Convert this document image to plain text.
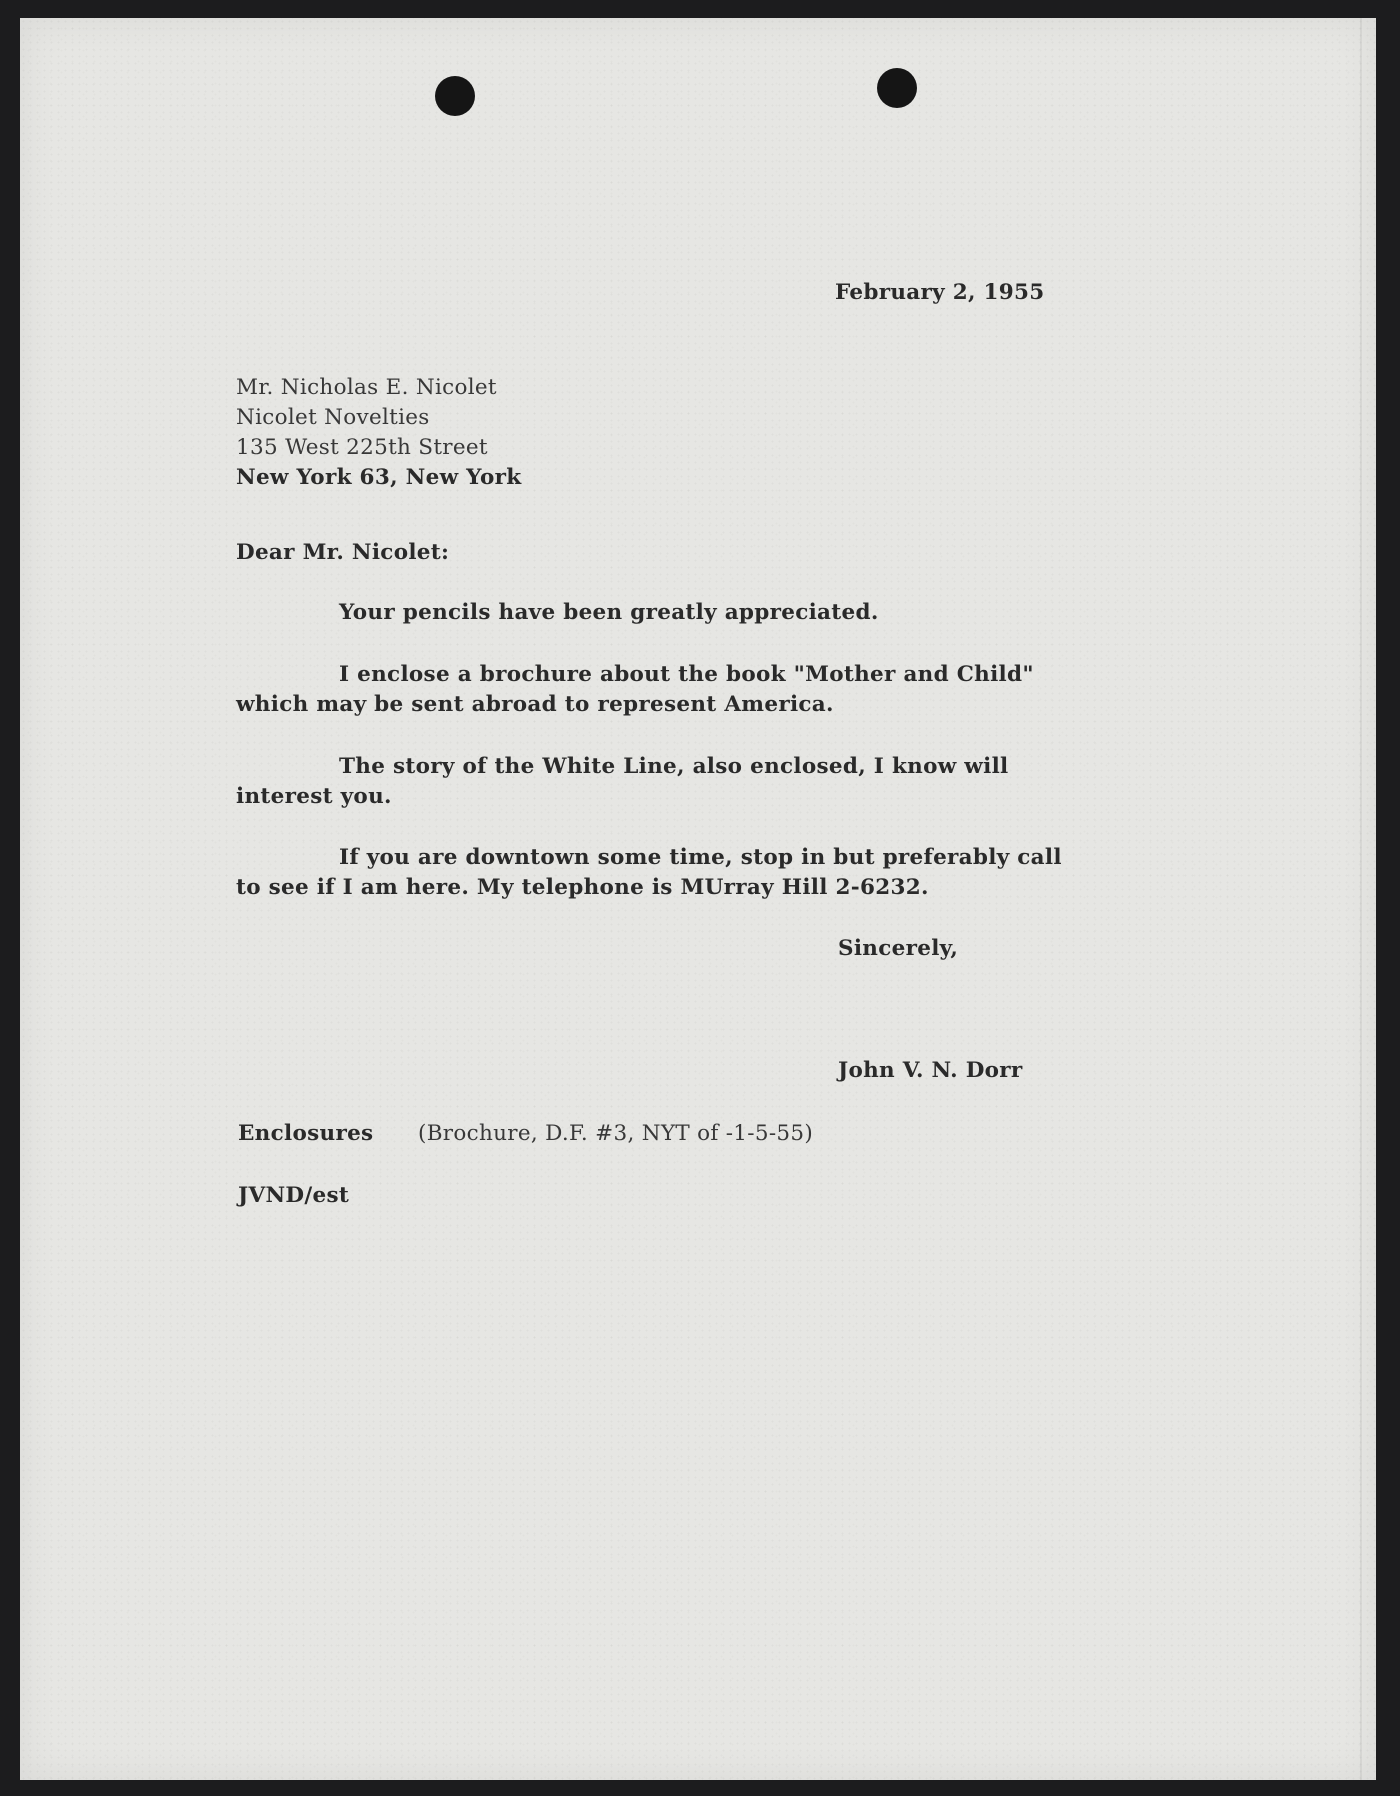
February 2, 1955
Mr. Nicholas E. Nicolet
Nicolet Novelties
135 West 225th Street
New York 63, New York
Dear Mr. Nicolet:
Your pencils have been greatly appreciated.
I enclose a brochure about the book "Mother and Child"
which may be sent abroad to represent America.
The story of the White Line, also enclosed, I know will
interest you.
If you are downtown some time, stop in but preferably call
to see if I am here. My telephone is MUrray Hill 2-6232.
Sincerely,
John V. N. Dorr
Enclosures (Brochure, D.F. #3, NYT of -1-5-55)
JVND/est
